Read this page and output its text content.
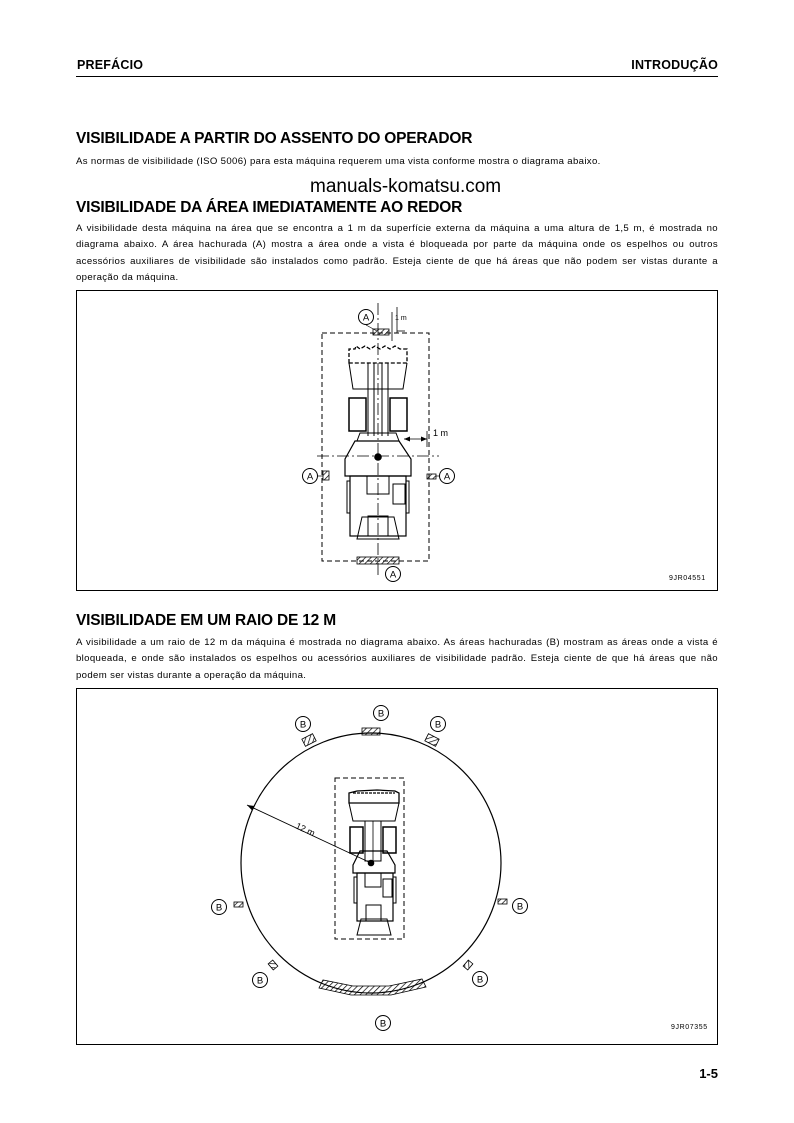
PREFÁCIO	INTRODUÇÃO
VISIBILIDADE A PARTIR DO ASSENTO DO OPERADOR

As normas de visibilidade (ISO 5006) para esta máquina requerem uma vista conforme mostra o diagrama abaixo.

manuals-komatsu.com
VISIBILIDADE DA ÁREA IMEDIATAMENTE AO REDOR

A visibilidade desta máquina na área que se encontra a 1 m da superfície externa da máquina a uma altura de 1,5 m, é mostrada no diagrama abaixo. A área hachurada (A) mostra a área onde a vista é bloqueada por parte da máquina onde os espelhos ou outros acessórios auxiliares de visibilidade são instalados como padrão. Esteja ciente de que há áreas que não podem ser vistas durante a operação da máquina.

1 m
1 m
A
A	A
A	9JR04551
VISIBILIDADE EM UM RAIO DE 12 M

A visibilidade a um raio de 12 m da máquina é mostrada no diagrama abaixo. As áreas hachuradas (B) mostram as áreas onde a vista é bloqueada, e onde são instalados os espelhos ou acessórios auxiliares de visibilidade padrão. Esteja ciente de que há áreas que não podem ser vistas durante a operação da máquina.

12 m
B
B	B
B	B
B	B
B	9JR07355
1-5
